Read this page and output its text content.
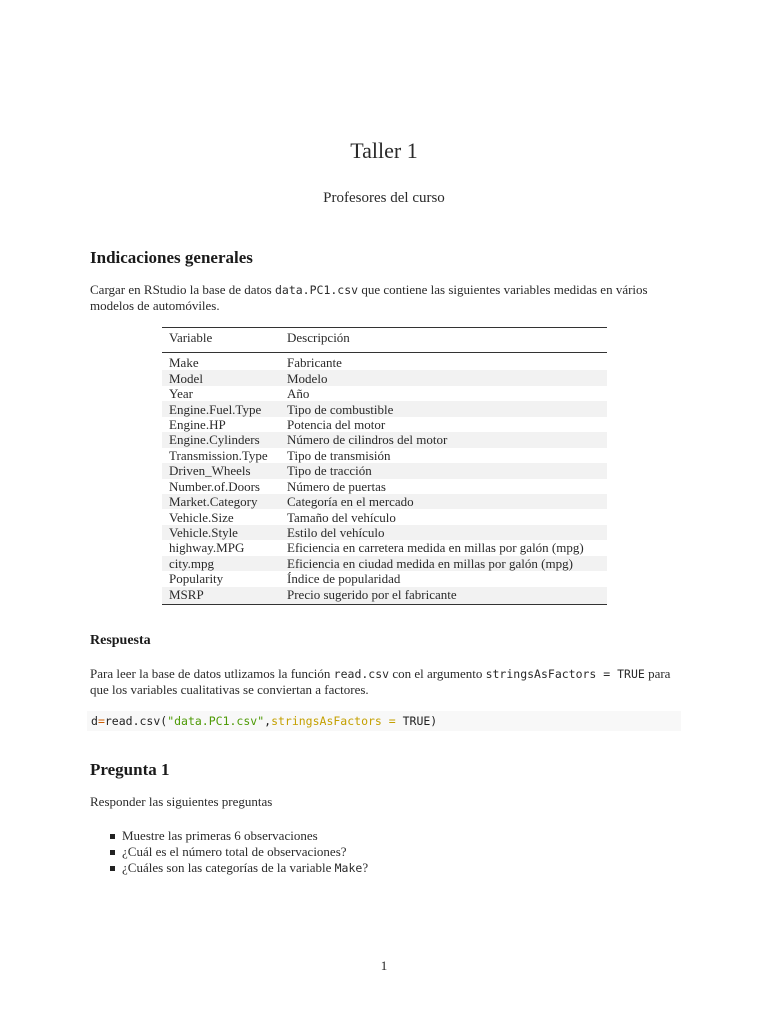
Taller 1
Profesores del curso
Indicaciones generales
Cargar en RStudio la base de datos data.PC1.csv que contiene las siguientes variables medidas en vários modelos de automóviles.
Variable	Descripción
Make	Fabricante
Model	Modelo
Year	Año
Engine.Fuel.Type	Tipo de combustible
Engine.HP	Potencia del motor
Engine.Cylinders	Número de cilindros del motor
Transmission.Type	Tipo de transmisión
Driven_Wheels	Tipo de tracción
Number.of.Doors	Número de puertas
Market.Category	Categoría en el mercado
Vehicle.Size	Tamaño del vehículo
Vehicle.Style	Estilo del vehículo
highway.MPG	Eficiencia en carretera medida en millas por galón (mpg)
city.mpg	Eficiencia en ciudad medida en millas por galón (mpg)
Popularity	Índice de popularidad
MSRP	Precio sugerido por el fabricante
Respuesta
Para leer la base de datos utlizamos la función read.csv con el argumento stringsAsFactors = TRUE para que los variables cualitativas se conviertan a factores.
d=read.csv("data.PC1.csv",stringsAsFactors = TRUE)
Pregunta 1
Responder las siguientes preguntas
Muestre las primeras 6 observaciones
¿Cuál es el número total de observaciones?
¿Cuáles son las categorías de la variable Make?
1
